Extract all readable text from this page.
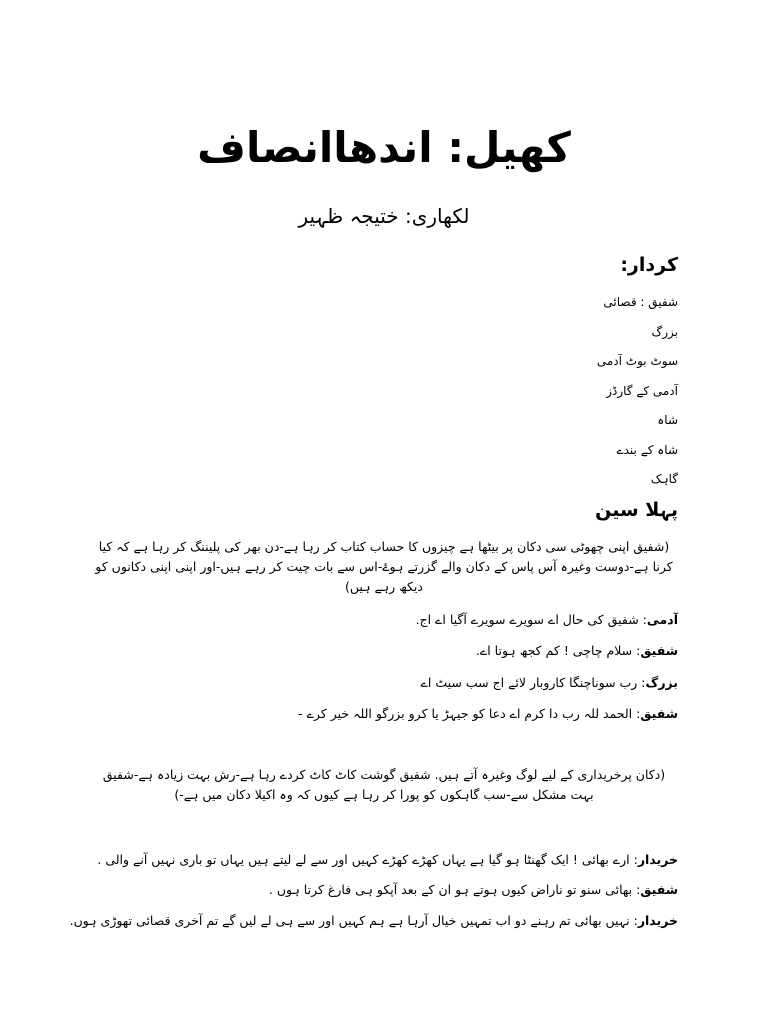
کھیل: اندھاانصاف
لکھاری: ختیجہ ظہیر
کردار:
شفیق : قصائی
بزرگ
سوٹ بوٹ آدمی
آدمی کے گارڈز
شاہ
شاہ کے بندے
گاہک
پہلا سین
(شفیق اپنی چھوٹی سی دکان پر بیٹھا ہے چیزوں کا حساب کتاب کر رہا ہے-دن بھر کی پلیننگ کر رہا ہے کہ کیا کرنا ہے-دوست وغیرہ آس پاس کے دکان والے گزرتے ہوۓ-اس سے بات چیت کر رہے ہیں-اور اپنی اپنی دکانوں کو دیکھ رہے ہیں)
آدمی: شفیق کی حال اے سویرے سویرے آگیا اے اج.
شفیق: سلام چاچی ! کم کجھ ہوتا اے.
بزرگ: رب سوناچنگا کاروبار لائے اج سب سیٹ اے
شفیق: الحمد للہ رب دا کرم اے دعا کو جیہڑ یا کرو بزرگو اللہ خیر کرے -
(دکان پرخریداری کے لیے لوگ وغیرہ آتے ہیں. شفیق گوشت کاٹ کاٹ کردے رہا ہے-رش بہت زیادہ ہے-شفیق بہت مشکل سے-سب گاہکوں کو پورا کر رہا ہے کیوں کہ وہ اکیلا دکان میں ہے-)
خریدار: ارے بھائی ! ایک گھنٹا ہو گیا ہے یہاں کھڑے کھڑے کہیں اور سے لے لیتے ہیں یہاں تو باری نہیں آنے والی .
شفیق: بھائی سنو تو ناراض کیوں ہوتے ہو ان کے بعد آپکو ہی فارغ کرتا ہوں .
خریدار: نہیں بھائی تم رہنے دو اب تمہیں خیال آرہا ہے ہم کہیں اور سے ہی لے لیں گے تم آخری قصائی تھوڑی ہوں.
